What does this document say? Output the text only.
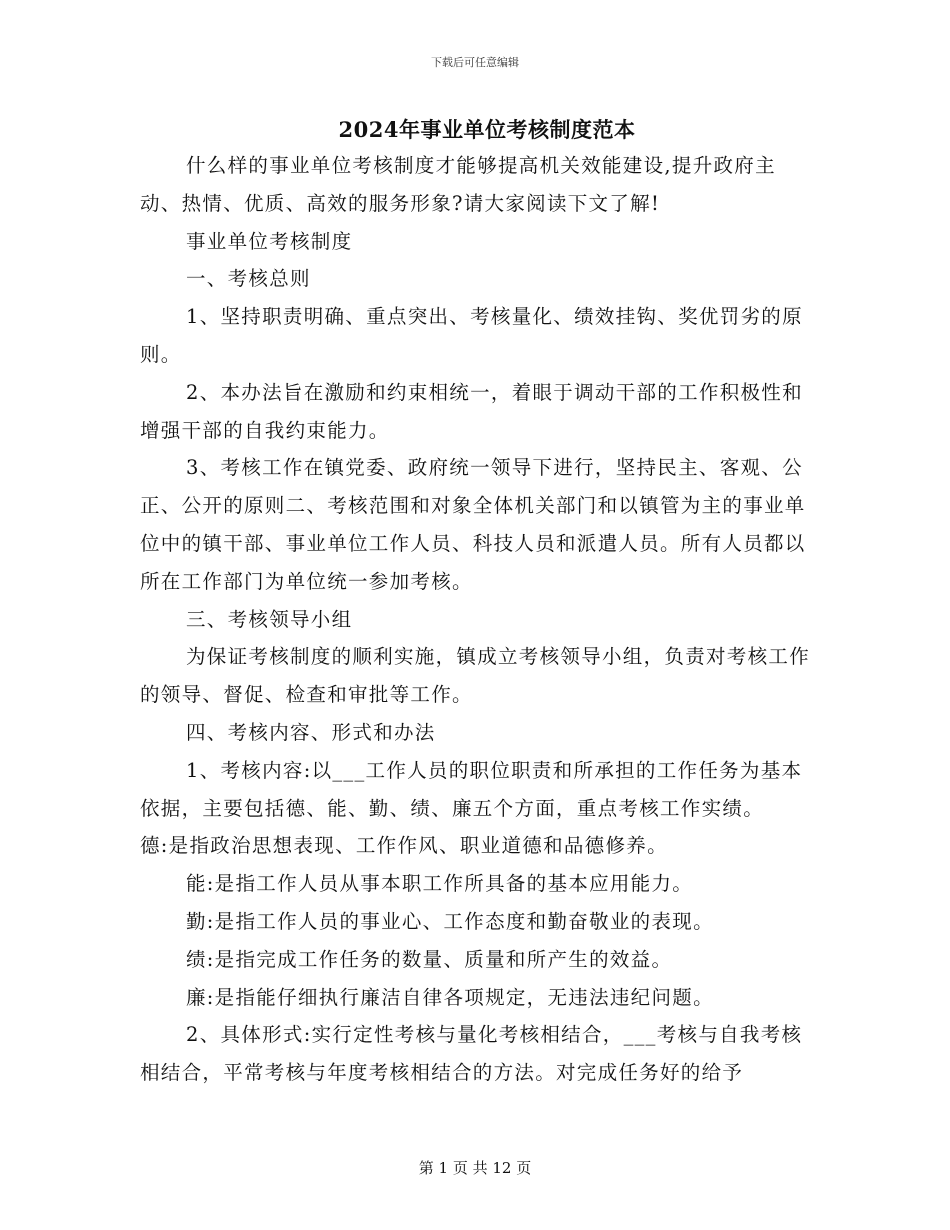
下载后可任意编辑
2024年事业单位考核制度范本

什么样的事业单位考核制度才能够提高机关效能建设,提升政府主动、热情、优质、高效的服务形象?请大家阅读下文了解!

事业单位考核制度

一、考核总则

1、坚持职责明确、重点突出、考核量化、绩效挂钩、奖优罚劣的原则。

2、本办法旨在激励和约束相统一，着眼于调动干部的工作积极性和增强干部的自我约束能力。

3、考核工作在镇党委、政府统一领导下进行，坚持民主、客观、公正、公开的原则二、考核范围和对象全体机关部门和以镇管为主的事业单位中的镇干部、事业单位工作人员、科技人员和派遣人员。所有人员都以所在工作部门为单位统一参加考核。

三、考核领导小组

为保证考核制度的顺利实施，镇成立考核领导小组，负责对考核工作的领导、督促、检查和审批等工作。

四、考核内容、形式和办法

1、考核内容:以___工作人员的职位职责和所承担的工作任务为基本依据，主要包括德、能、勤、绩、廉五个方面，重点考核工作实绩。

德:是指政治思想表现、工作作风、职业道德和品德修养。

能:是指工作人员从事本职工作所具备的基本应用能力。

勤:是指工作人员的事业心、工作态度和勤奋敬业的表现。

绩:是指完成工作任务的数量、质量和所产生的效益。

廉:是指能仔细执行廉洁自律各项规定，无违法违纪问题。

2、具体形式:实行定性考核与量化考核相结合，___考核与自我考核相结合，平常考核与年度考核相结合的方法。对完成任务好的给予

第 1 页 共 12 页
